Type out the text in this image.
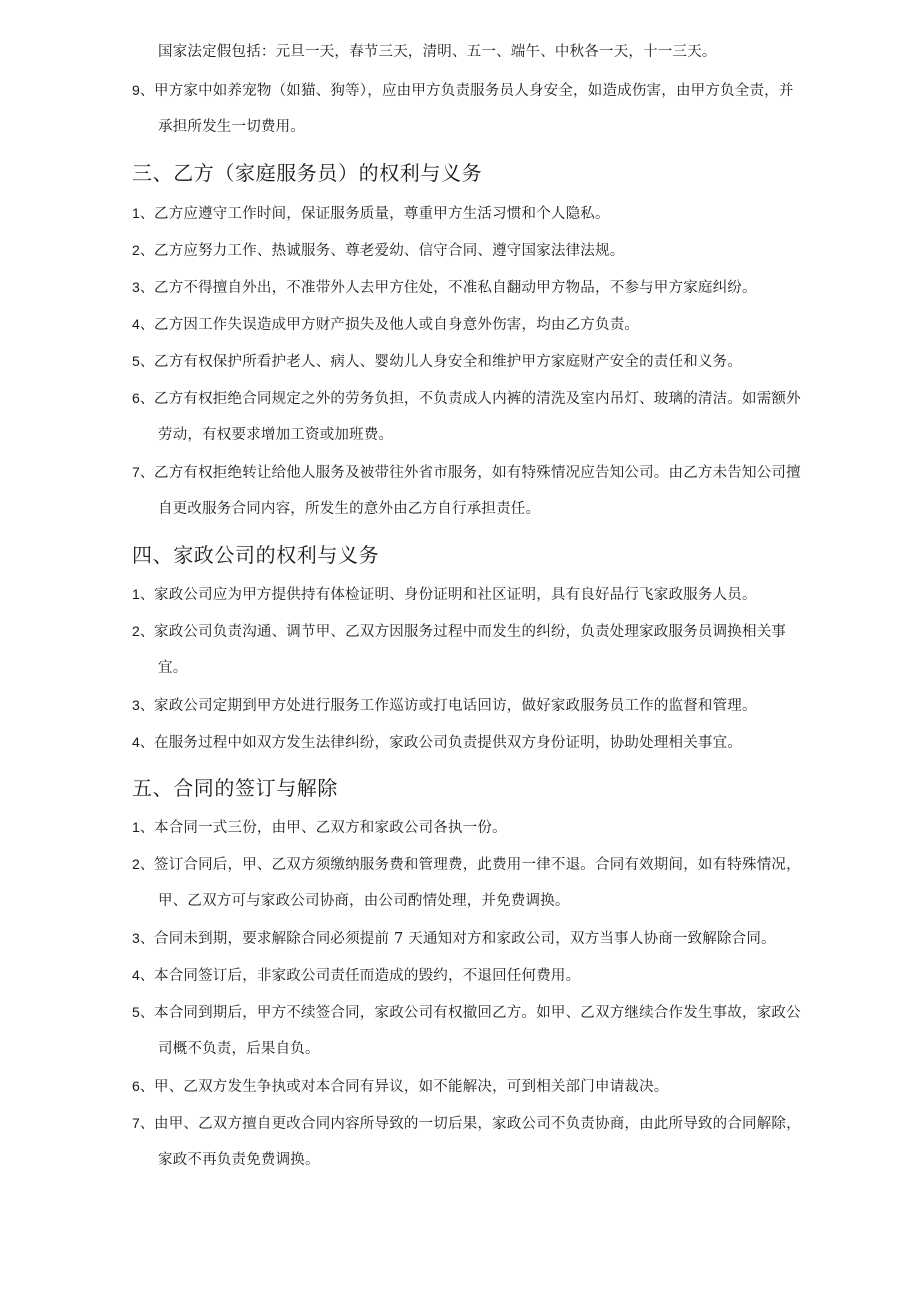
国家法定假包括：元旦一天，春节三天，清明、五一、端午、中秋各一天，十一三天。
9、甲方家中如养宠物（如猫、狗等），应由甲方负责服务员人身安全，如造成伤害，由甲方负全责，并
承担所发生一切费用。
三、乙方（家庭服务员）的权利与义务
1、乙方应遵守工作时间，保证服务质量，尊重甲方生活习惯和个人隐私。
2、乙方应努力工作、热诚服务、尊老爱幼、信守合同、遵守国家法律法规。
3、乙方不得擅自外出，不准带外人去甲方住处，不准私自翻动甲方物品，不参与甲方家庭纠纷。
4、乙方因工作失误造成甲方财产损失及他人或自身意外伤害，均由乙方负责。
5、乙方有权保护所看护老人、病人、婴幼儿人身安全和维护甲方家庭财产安全的责任和义务。
6、乙方有权拒绝合同规定之外的劳务负担，不负责成人内裤的清洗及室内吊灯、玻璃的清洁。如需额外
劳动，有权要求增加工资或加班费。
7、乙方有权拒绝转让给他人服务及被带往外省市服务，如有特殊情况应告知公司。由乙方未告知公司擅
自更改服务合同内容，所发生的意外由乙方自行承担责任。
四、家政公司的权利与义务
1、家政公司应为甲方提供持有体检证明、身份证明和社区证明，具有良好品行飞家政服务人员。
2、家政公司负责沟通、调节甲、乙双方因服务过程中而发生的纠纷，负责处理家政服务员调换相关事
宜。
3、家政公司定期到甲方处进行服务工作巡访或打电话回访，做好家政服务员工作的监督和管理。
4、在服务过程中如双方发生法律纠纷，家政公司负责提供双方身份证明，协助处理相关事宜。
五、合同的签订与解除
1、本合同一式三份，由甲、乙双方和家政公司各执一份。
2、签订合同后，甲、乙双方须缴纳服务费和管理费，此费用一律不退。合同有效期间，如有特殊情况，
甲、乙双方可与家政公司协商，由公司酌情处理，并免费调换。
3、合同未到期，要求解除合同必须提前 7 天通知对方和家政公司，双方当事人协商一致解除合同。
4、本合同签订后，非家政公司责任而造成的毁约，不退回任何费用。
5、本合同到期后，甲方不续签合同，家政公司有权撤回乙方。如甲、乙双方继续合作发生事故，家政公
司概不负责，后果自负。
6、甲、乙双方发生争执或对本合同有异议，如不能解决，可到相关部门申请裁决。
7、由甲、乙双方擅自更改合同内容所导致的一切后果，家政公司不负责协商，由此所导致的合同解除，
家政不再负责免费调换。
